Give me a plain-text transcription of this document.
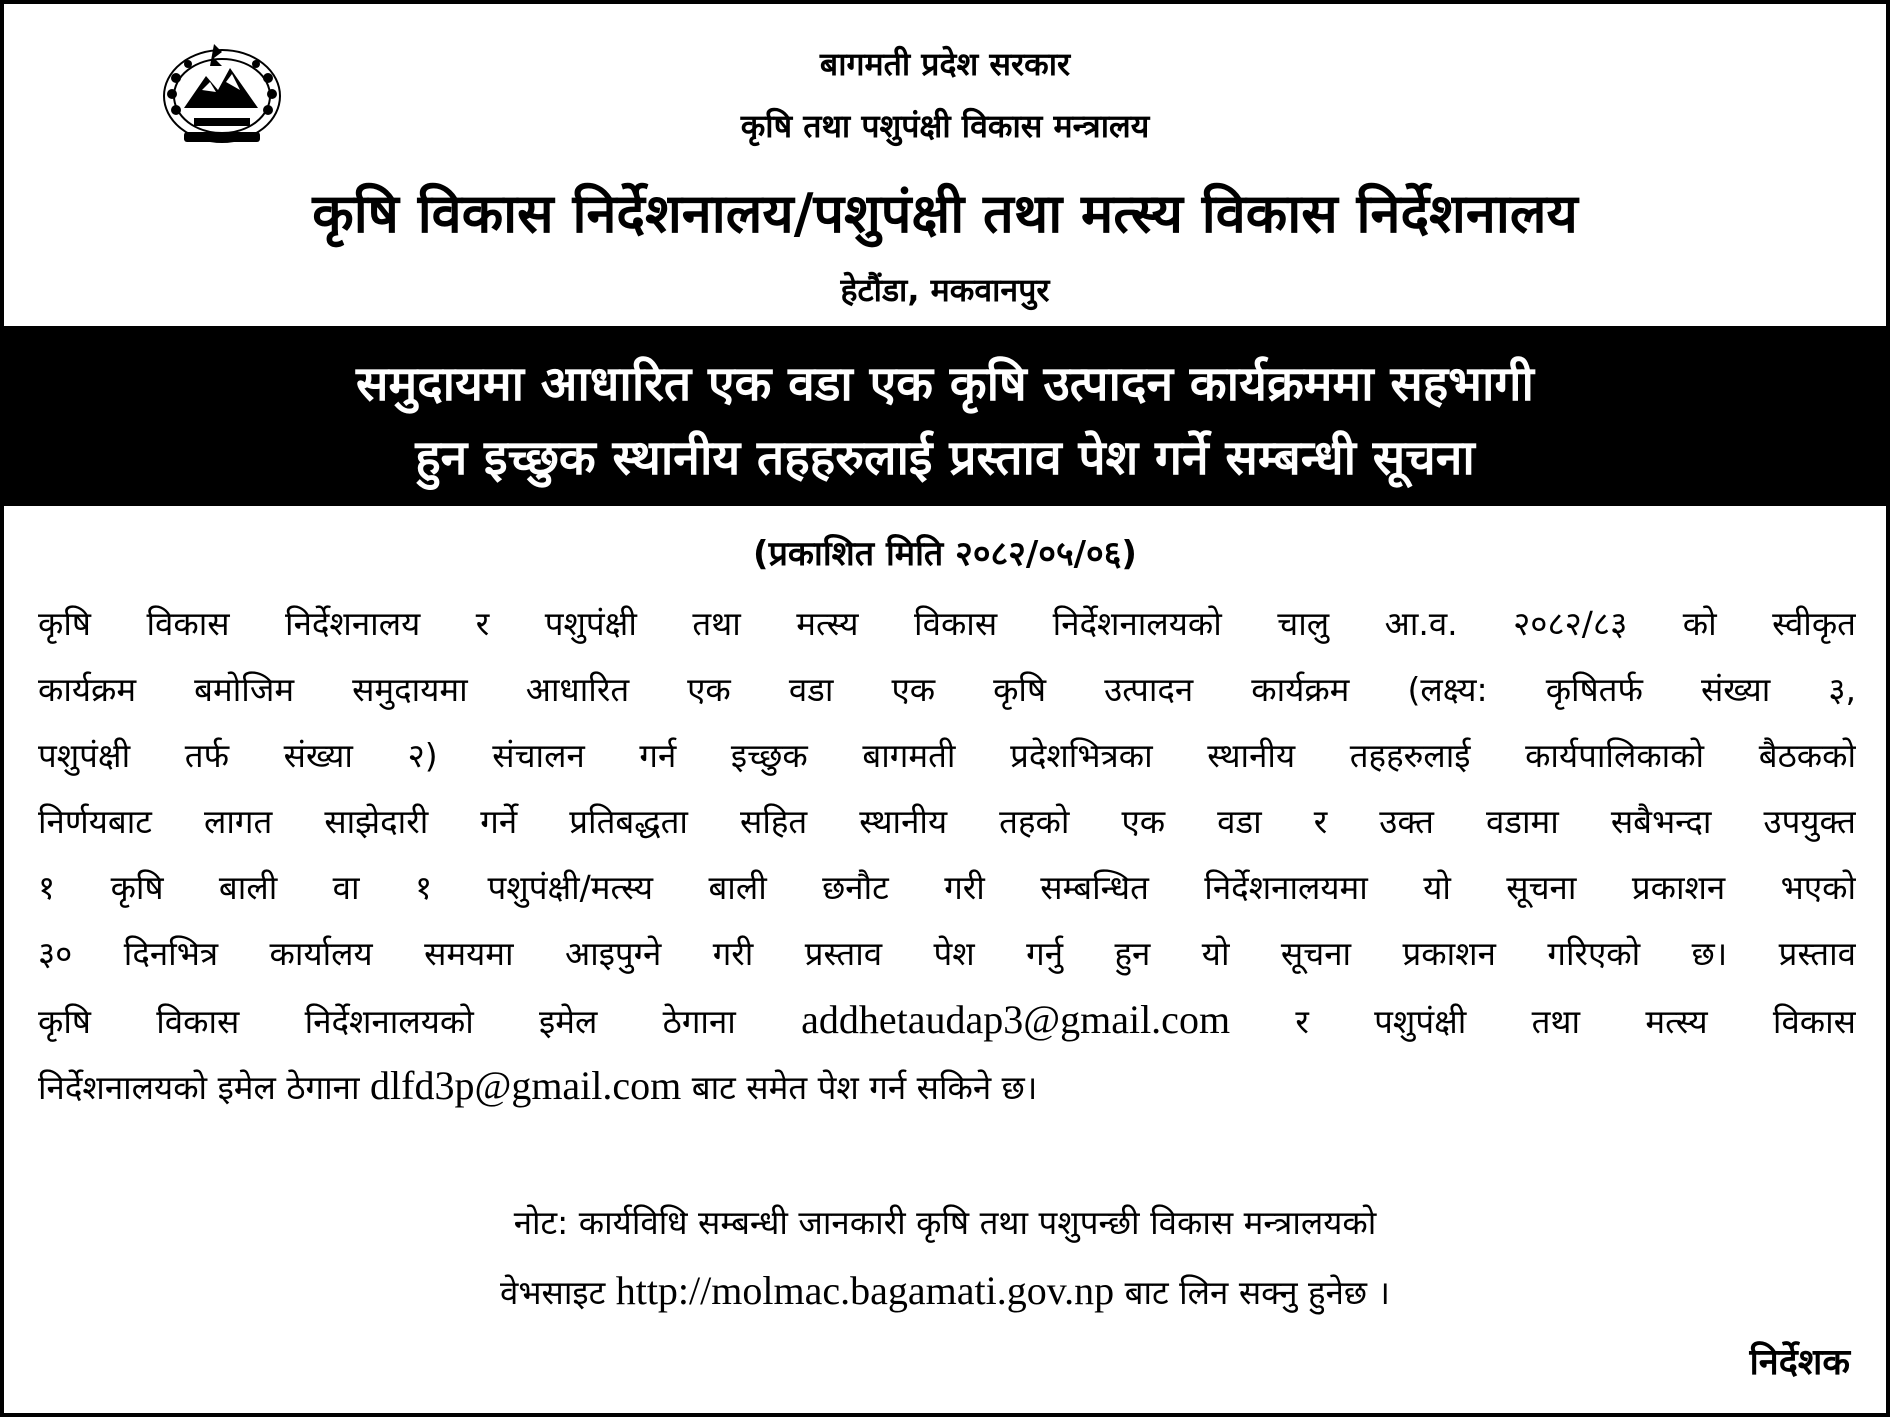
बागमती प्रदेश सरकार
कृषि तथा पशुपंक्षी विकास मन्त्रालय
कृषि विकास निर्देशनालय/पशुपंक्षी तथा मत्स्य विकास निर्देशनालय
हेटौंडा, मकवानपुर
समुदायमा आधारित एक वडा एक कृषि उत्पादन कार्यक्रममा सहभागी
हुन इच्छुक स्थानीय तहहरुलाई प्रस्ताव पेश गर्ने सम्बन्धी सूचना
(प्रकाशित मिति २०८२/०५/०६)
कृषि विकास निर्देशनालय र पशुपंक्षी तथा मत्स्य विकास निर्देशनालयको चालु आ.व. २०८२/८३ को स्वीकृत
कार्यक्रम बमोजिम समुदायमा आधारित एक वडा एक कृषि उत्पादन कार्यक्रम (लक्ष्य: कृषितर्फ संख्या ३,
पशुपंक्षी तर्फ संख्या २) संचालन गर्न इच्छुक बागमती प्रदेशभित्रका स्थानीय तहहरुलाई कार्यपालिकाको बैठकको
निर्णयबाट लागत साझेदारी गर्ने प्रतिबद्धता सहित स्थानीय तहको एक वडा र उक्त वडामा सबैभन्दा उपयुक्त
१ कृषि बाली वा १ पशुपंक्षी/मत्स्य बाली छनौट गरी सम्बन्धित निर्देशनालयमा यो सूचना प्रकाशन भएको
३० दिनभित्र कार्यालय समयमा आइपुग्ने गरी प्रस्ताव पेश गर्नु हुन यो सूचना प्रकाशन गरिएको छ। प्रस्ताव
कृषि विकास निर्देशनालयको इमेल ठेगाना addhetaudap3@gmail.com र पशुपंक्षी तथा मत्स्य विकास
निर्देशनालयको इमेल ठेगाना dlfd3p@gmail.com बाट समेत पेश गर्न सकिने छ।
नोट: कार्यविधि सम्बन्धी जानकारी कृषि तथा पशुपन्छी विकास मन्त्रालयको
वेभसाइट http://molmac.bagamati.gov.np बाट लिन सक्नु हुनेछ ।
निर्देशक
